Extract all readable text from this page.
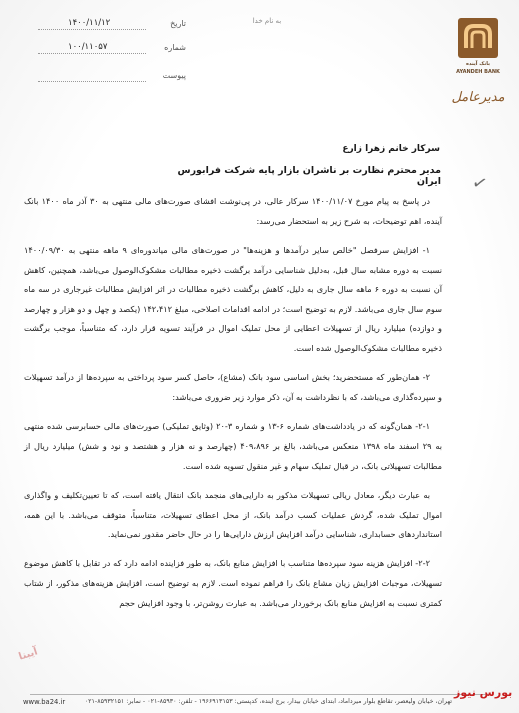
به نام خدا
تاریخ
۱۴۰۰/۱۱/۱۲
شماره
۱۰۰/۱۱۰۵۷
پیوست
بانک آینده
AYANDEH BANK
مدیرعامل
✓
سرکار خانم زهرا زارع
مدیر محترم نظارت بر ناشران بازار پایه شرکت فرابورس ایران

در پاسخ به پیام مورخ ۱۴۰۰/۱۱/۰۷ سرکار عالی، در پی‌نوشت افشای صورت‌های مالی منتهی به ۳۰ آذر ماه ۱۴۰۰ بانک آینده، اهم توضیحات، به شرح زیر به استحضار می‌رسد:

۱- افزایش سرفصل "خالص سایر درآمدها و هزینه‌ها" در صورت‌های مالی میاندوره‌ای ۹ ماهه منتهی به ۱۴۰۰/۰۹/۳۰ نسبت به دوره مشابه سال قبل، به‌دلیل شناسایی درآمد برگشت ذخیره مطالبات مشکوک‌الوصول می‌باشد، همچنین، کاهش آن نسبت به دوره ۶ ماهه سال جاری به دلیل، کاهش برگشت ذخیره مطالبات در اثر افزایش مطالبات غیرجاری در سه ماه سوم سال جاری می‌باشد. لازم به توضیح است؛ در ادامه اقدامات اصلاحی، مبلغ ۱۴۲،۴۱۲ (یکصد و چهل و دو هزار و چهارصد و دوازده) میلیارد ریال از تسهیلات اعطایی از محل تملیک اموال در فرآیند تسویه قرار دارد، که متناسباً، موجب برگشت ذخیره مطالبات مشکوک‌الوصول شده است.

۲- همان‌طور که مستحضرید؛ بخش اساسی سود بانک (مشاع)، حاصل کسر سود پرداختی به سپرده‌ها از درآمد تسهیلات و سپرده‌گذاری می‌باشد، که با نظرداشت به آن، ذکر موارد زیر ضروری می‌باشد:

۲-۱- همان‌گونه که در یادداشت‌های شماره ۶-۱۳ و شماره ۳-۲۰ (وثایق تملیکی) صورت‌های مالی حسابرسی شده منتهی به ۲۹ اسفند ماه ۱۳۹۸ منعکس می‌باشد، بالغ بر ۴۰۹،۸۹۶ (چهارصد و نه هزار و هشتصد و نود و شش) میلیارد ریال از مطالبات تسهیلاتی بانک، در قبال تملیک سهام و غیر منقول تسویه شده است.

به عبارت دیگر، معادل ریالی تسهیلات مذکور به دارایی‌های منجمد بانک انتقال یافته است، که تا تعیین‌تکلیف و واگذاری اموال تملیک شده، گردش عملیات کسب درآمد بانک، از محل اعطای تسهیلات، متناسباً، متوقف می‌باشد. با این همه، استانداردهای حسابداری، شناسایی درآمد افزایش ارزش دارایی‌ها را در حال حاضر مقدور نمی‌نماید.

۲-۲- افزایش هزینه سود سپرده‌ها متناسب با افزایش منابع بانک، به طور فزاینده ادامه دارد که در تقابل با کاهش موضوع تسهیلات، موجبات افزایش زیان مشاع بانک را فراهم نموده است. لازم به توضیح است، افزایش هزینه‌های مذکور، از شتاب کمتری نسبت به افزایش منابع بانک برخوردار می‌باشد. به عبارت روشن‌تر، با وجود افزایش حجم

آیبنا
تهران، خیابان ولیعصر، تقاطع بلوار میرداماد، ابتدای خیابان بیدار، برج آینده، کدپستی: ۱۹۶۶۹۱۳۱۵۳ - تلفن: ۸۵۹۳۰-۰۲۱ - نمابر: ۸۵۹۳۲۱۵۱-۰۲۱
www.ba24.ir
بورس نیوز
